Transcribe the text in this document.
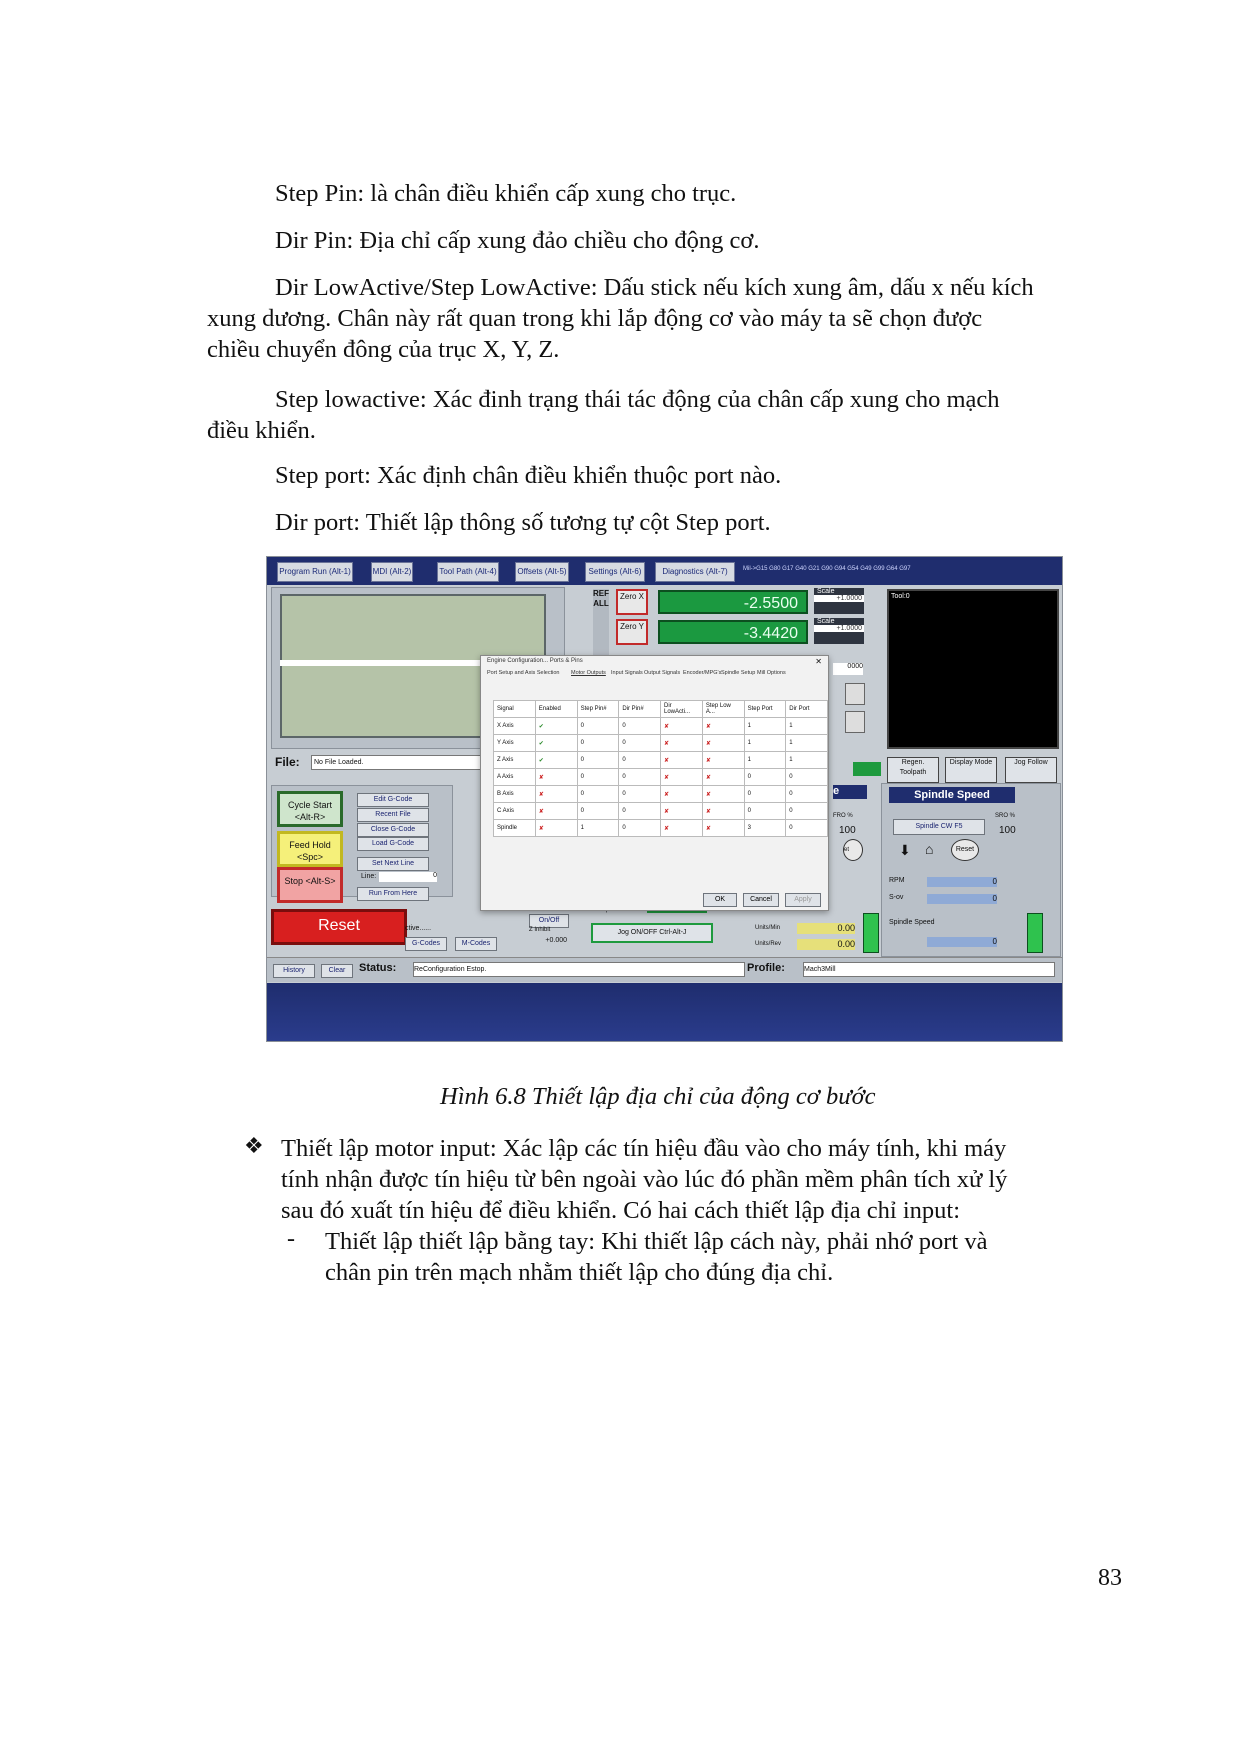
Step Pin: là chân điều khiển cấp xung cho trục.
Dir Pin: Địa chỉ cấp xung đảo chiều cho động cơ.
Dir LowActive/Step LowActive: Dấu stick nếu kích xung âm, dấu x nếu kích
xung dương. Chân này rất quan trong khi lắp động cơ vào máy ta sẽ chọn được
chiều chuyển đông của trục X, Y, Z.
Step lowactive: Xác đinh trạng thái tác động của chân cấp xung cho mạch
điều khiển.
Step port: Xác định chân điều khiển thuộc port nào.
Dir port: Thiết lập thông số tương tự cột Step port.
Program Run (Alt-1)	MDI (Alt-2)	Tool Path (Alt-4)	Offsets (Alt-5)	Settings (Alt-6)	Diagnostics (Alt-7)	Mil->G15 G80 G17 G40 G21 G90 G94 G54 G49 G99 G64 G97
File:	No File Loaded.
REFALL
Zero X
Zero Y
-2.5500
-3.4420
Scale
+1.0000
Scale
+1.0000
0000
Tool:0
Regen. Toolpath
Display Mode	Jog Follow
Cycle Start <Alt-R>
Feed Hold <Spc>
Stop <Alt-S>
Edit G-Code
Recent File
Close G-Code
Load G-Code
Set Next Line
Line:	0
Run From Here
Reset	ctive......
G-Codes	M-Codes
On/Off
Z Inhibit
+0.000
Jog ON/OFF Ctrl-Alt-J
e
FRO %
100
Units/Min	0.00
Units/Rev	0.00
Spindle Speed
Spindle CW F5
SRO %
100
⬇ ⌂	Reset
et
RPM	0
S-ov	0
Spindle Speed
0
History	Clear	Status:	ReConfiguration Estop.	Profile:	Mach3Mill
Engine Configuration... Ports & Pins	✕
Port Setup and Axis Selection Motor Outputs Input Signals Output Signals Encoder/MPG's Spindle Setup Mill Options
Signal	Enabled	Step Pin#	Dir Pin#	Dir LowActi...	Step Low A...	Step Port	Dir Port
X Axis	✔	0	0	✘	✘	1	1
Y Axis	✔	0	0	✘	✘	1	1
Z Axis	✔	0	0	✘	✘	1	1
A Axis	✘	0	0	✘	✘	0	0
B Axis	✘	0	0	✘	✘	0	0
C Axis	✘	0	0	✘	✘	0	0
Spindle	✘	1	0	✘	✘	3	0
OK	Cancel	Apply
Hình 6.8 Thiết lập địa chỉ của động cơ bước
❖ Thiết lập motor input: Xác lập các tín hiệu đầu vào cho máy tính, khi máy
tính nhận được tín hiệu từ bên ngoài vào lúc đó phần mềm phân tích xử lý
sau đó xuất tín hiệu để điều khiển. Có hai cách thiết lập địa chỉ input:
- Thiết lập thiết lập bằng tay: Khi thiết lập cách này, phải nhớ port và
chân pin trên mạch nhằm thiết lập cho đúng địa chỉ.
83
